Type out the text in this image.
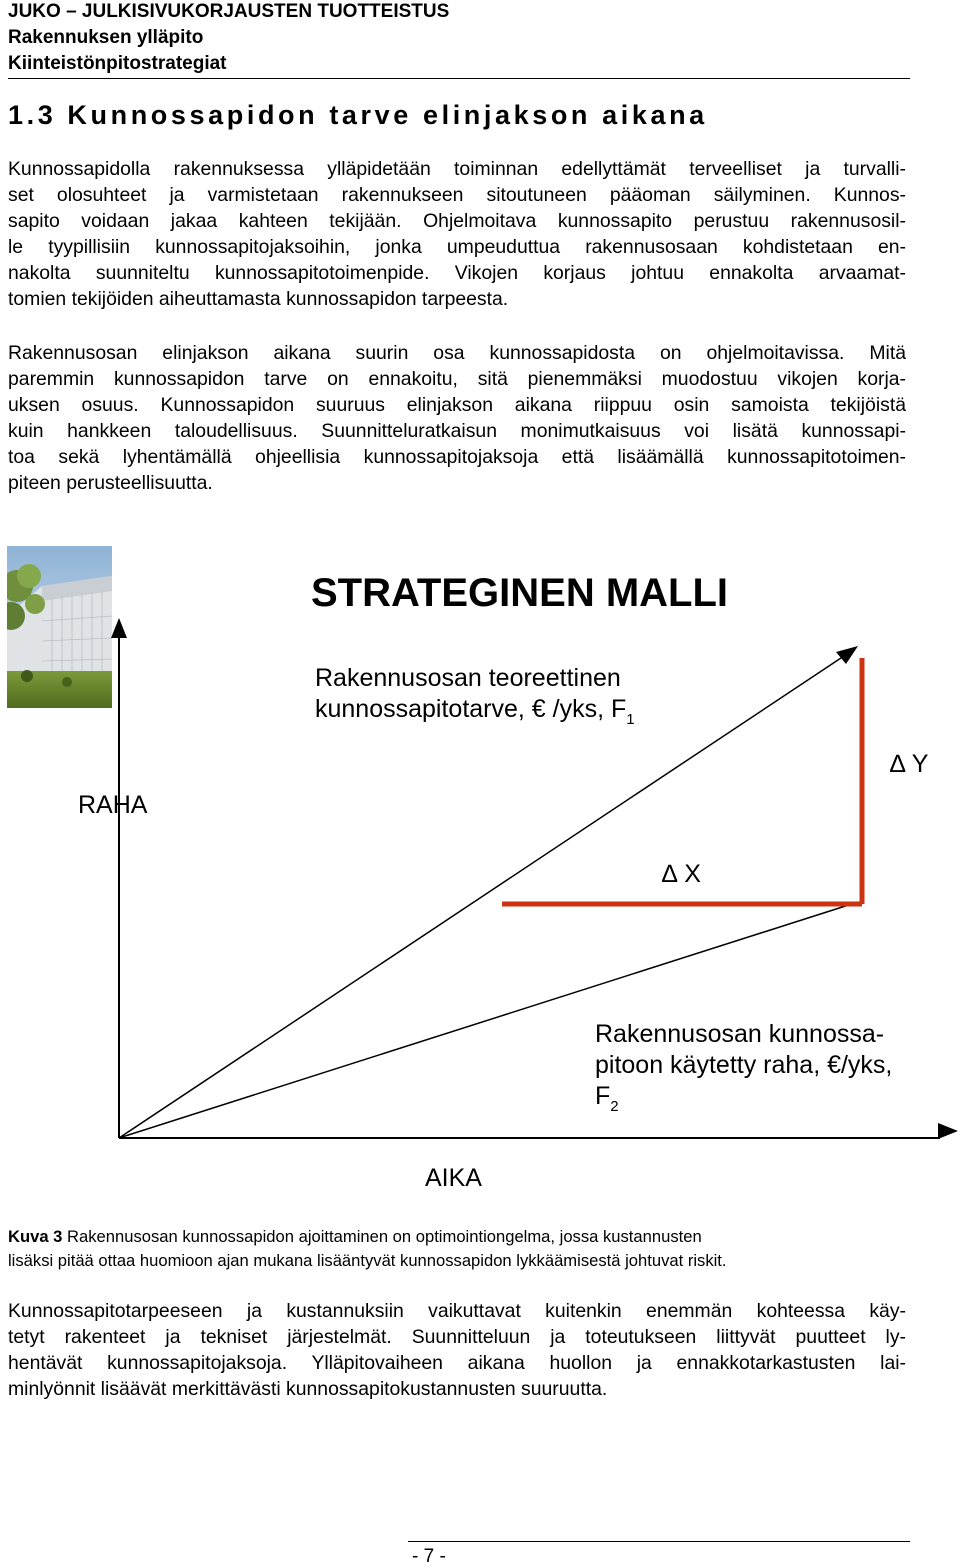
JUKO – JULKISIVUKORJAUSTEN TUOTTEISTUS
Rakennuksen ylläpito
Kiinteistönpitostrategiat
1.3 Kunnossapidon tarve elinjakson aikana
Kunnossapidolla rakennuksessa ylläpidetään toiminnan edellyttämät terveelliset ja turvalli-
set olosuhteet ja varmistetaan rakennukseen sitoutuneen pääoman säilyminen. Kunnos-
sapito voidaan jakaa kahteen tekijään. Ohjelmoitava kunnossapito perustuu rakennusosil-
le tyypillisiin kunnossapitojaksoihin, jonka umpeuduttua rakennusosaan kohdistetaan en-
nakolta suunniteltu kunnossapitotoimenpide. Vikojen korjaus johtuu ennakolta arvaamat-
tomien tekijöiden aiheuttamasta kunnossapidon tarpeesta.
Rakennusosan elinjakson aikana suurin osa kunnossapidosta on ohjelmoitavissa. Mitä
paremmin kunnossapidon tarve on ennakoitu, sitä pienemmäksi muodostuu vikojen korja-
uksen osuus. Kunnossapidon suuruus elinjakson aikana riippuu osin samoista tekijöistä
kuin hankkeen taloudellisuus. Suunnitteluratkaisun monimutkaisuus voi lisätä kunnossapi-
toa sekä lyhentämällä ohjeellisia kunnossapitojaksoja että lisäämällä kunnossapitotoimen-
piteen perusteellisuutta.
STRATEGINEN MALLI
Rakennusosan teoreettinen
kunnossapitotarve, € /yks, $F_1$
RAHA
∆ Y
∆ X
Rakennusosan kunnossa-
pitoon käytetty raha, €/yks,
$F_2$
AIKA
Kuva 3 Rakennusosan kunnossapidon ajoittaminen on optimointiongelma, jossa kustannusten
lisäksi pitää ottaa huomioon ajan mukana lisääntyvät kunnossapidon lykkäämisestä johtuvat riskit.
Kunnossapitotarpeeseen ja kustannuksiin vaikuttavat kuitenkin enemmän kohteessa käy-
tetyt rakenteet ja tekniset järjestelmät. Suunnitteluun ja toteutukseen liittyvät puutteet ly-
hentävät kunnossapitojaksoja. Ylläpitovaiheen aikana huollon ja ennakkotarkastusten lai-
minlyönnit lisäävät merkittävästi kunnossapitokustannusten suuruutta.
- 7 -
